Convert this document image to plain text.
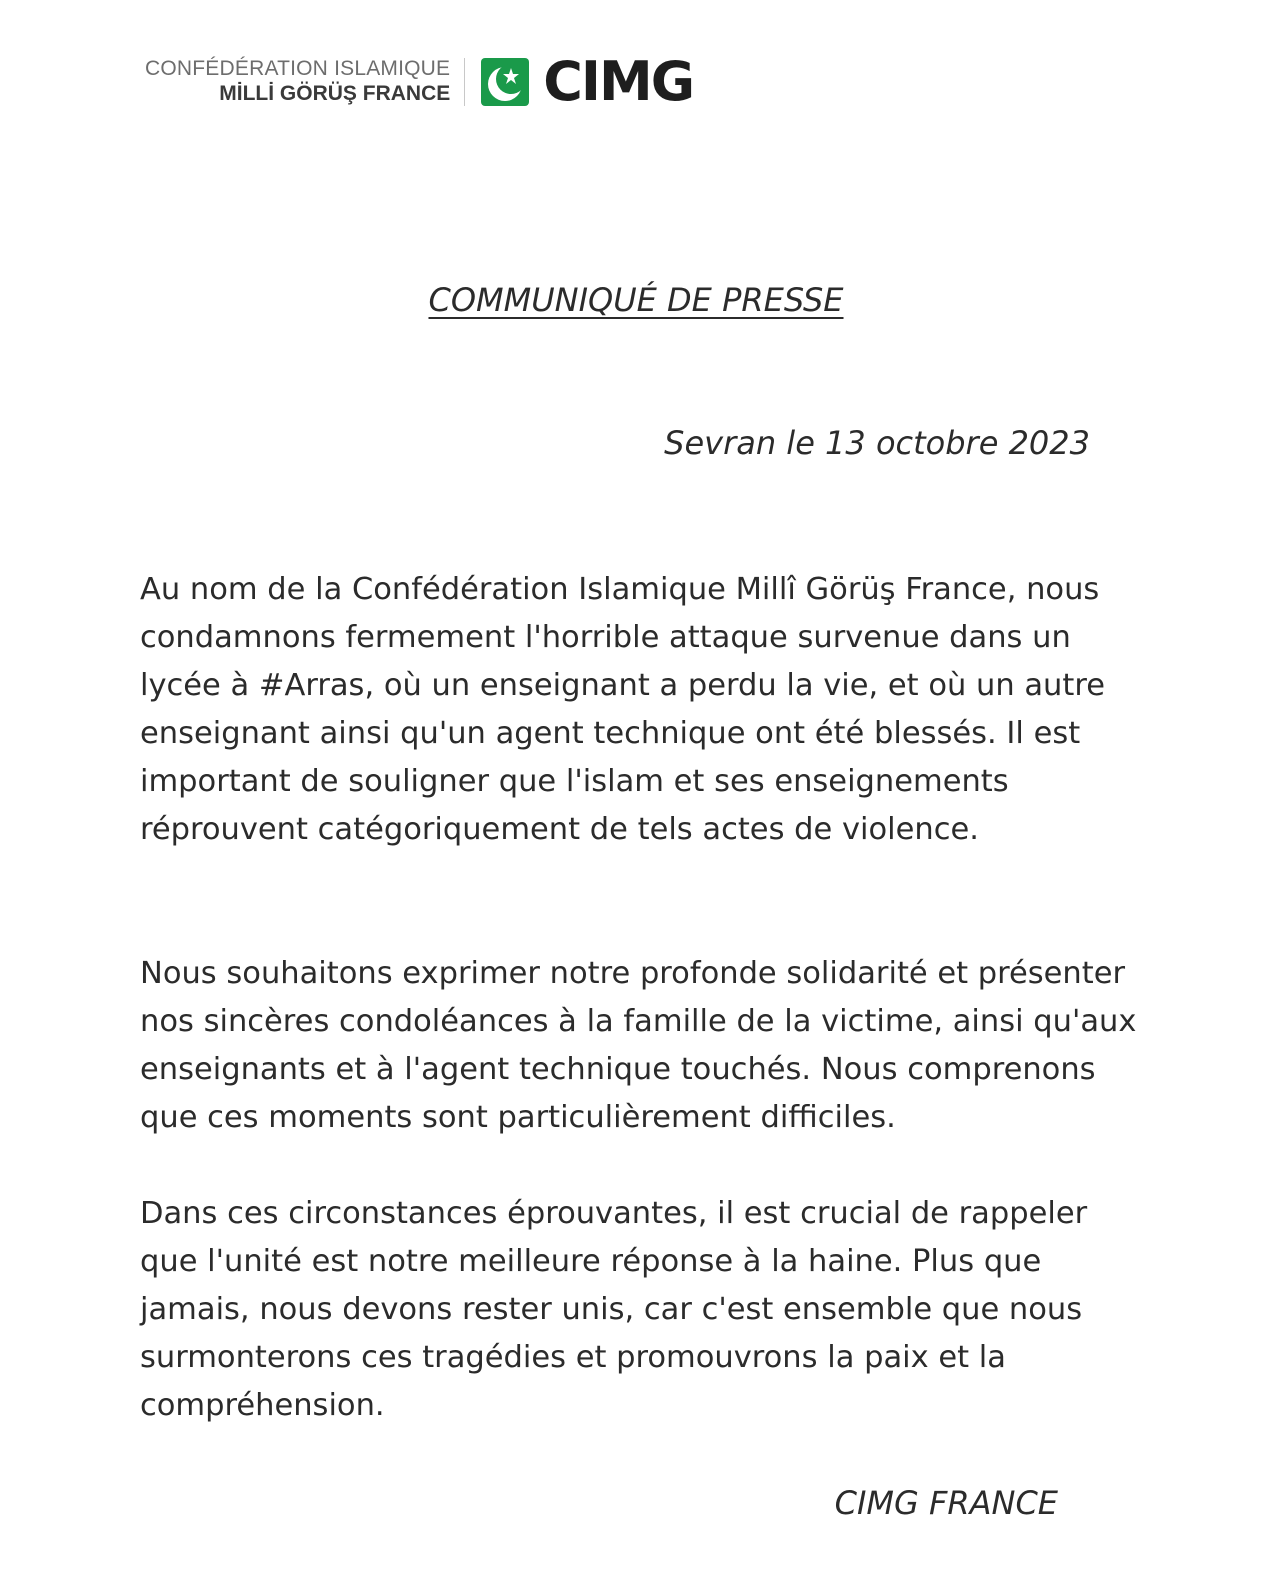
CONFÉDÉRATION ISLAMIQUE
MİLLİ GÖRÜŞ FRANCE CIMG
COMMUNIQUÉ DE PRESSE
Sevran le 13 octobre 2023

Au nom de la Confédération Islamique Millî Görüş France, nous condamnons fermement l'horrible attaque survenue dans un lycée à #Arras, où un enseignant a perdu la vie, et où un autre enseignant ainsi qu'un agent technique ont été blessés. Il est important de souligner que l'islam et ses enseignements réprouvent catégoriquement de tels actes de violence.

Nous souhaitons exprimer notre profonde solidarité et présenter nos sincères condoléances à la famille de la victime, ainsi qu'aux enseignants et à l'agent technique touchés. Nous comprenons que ces moments sont particulièrement difficiles.

Dans ces circonstances éprouvantes, il est crucial de rappeler que l'unité est notre meilleure réponse à la haine. Plus que jamais, nous devons rester unis, car c'est ensemble que nous surmonterons ces tragédies et promouvrons la paix et la compréhension.

CIMG FRANCE
